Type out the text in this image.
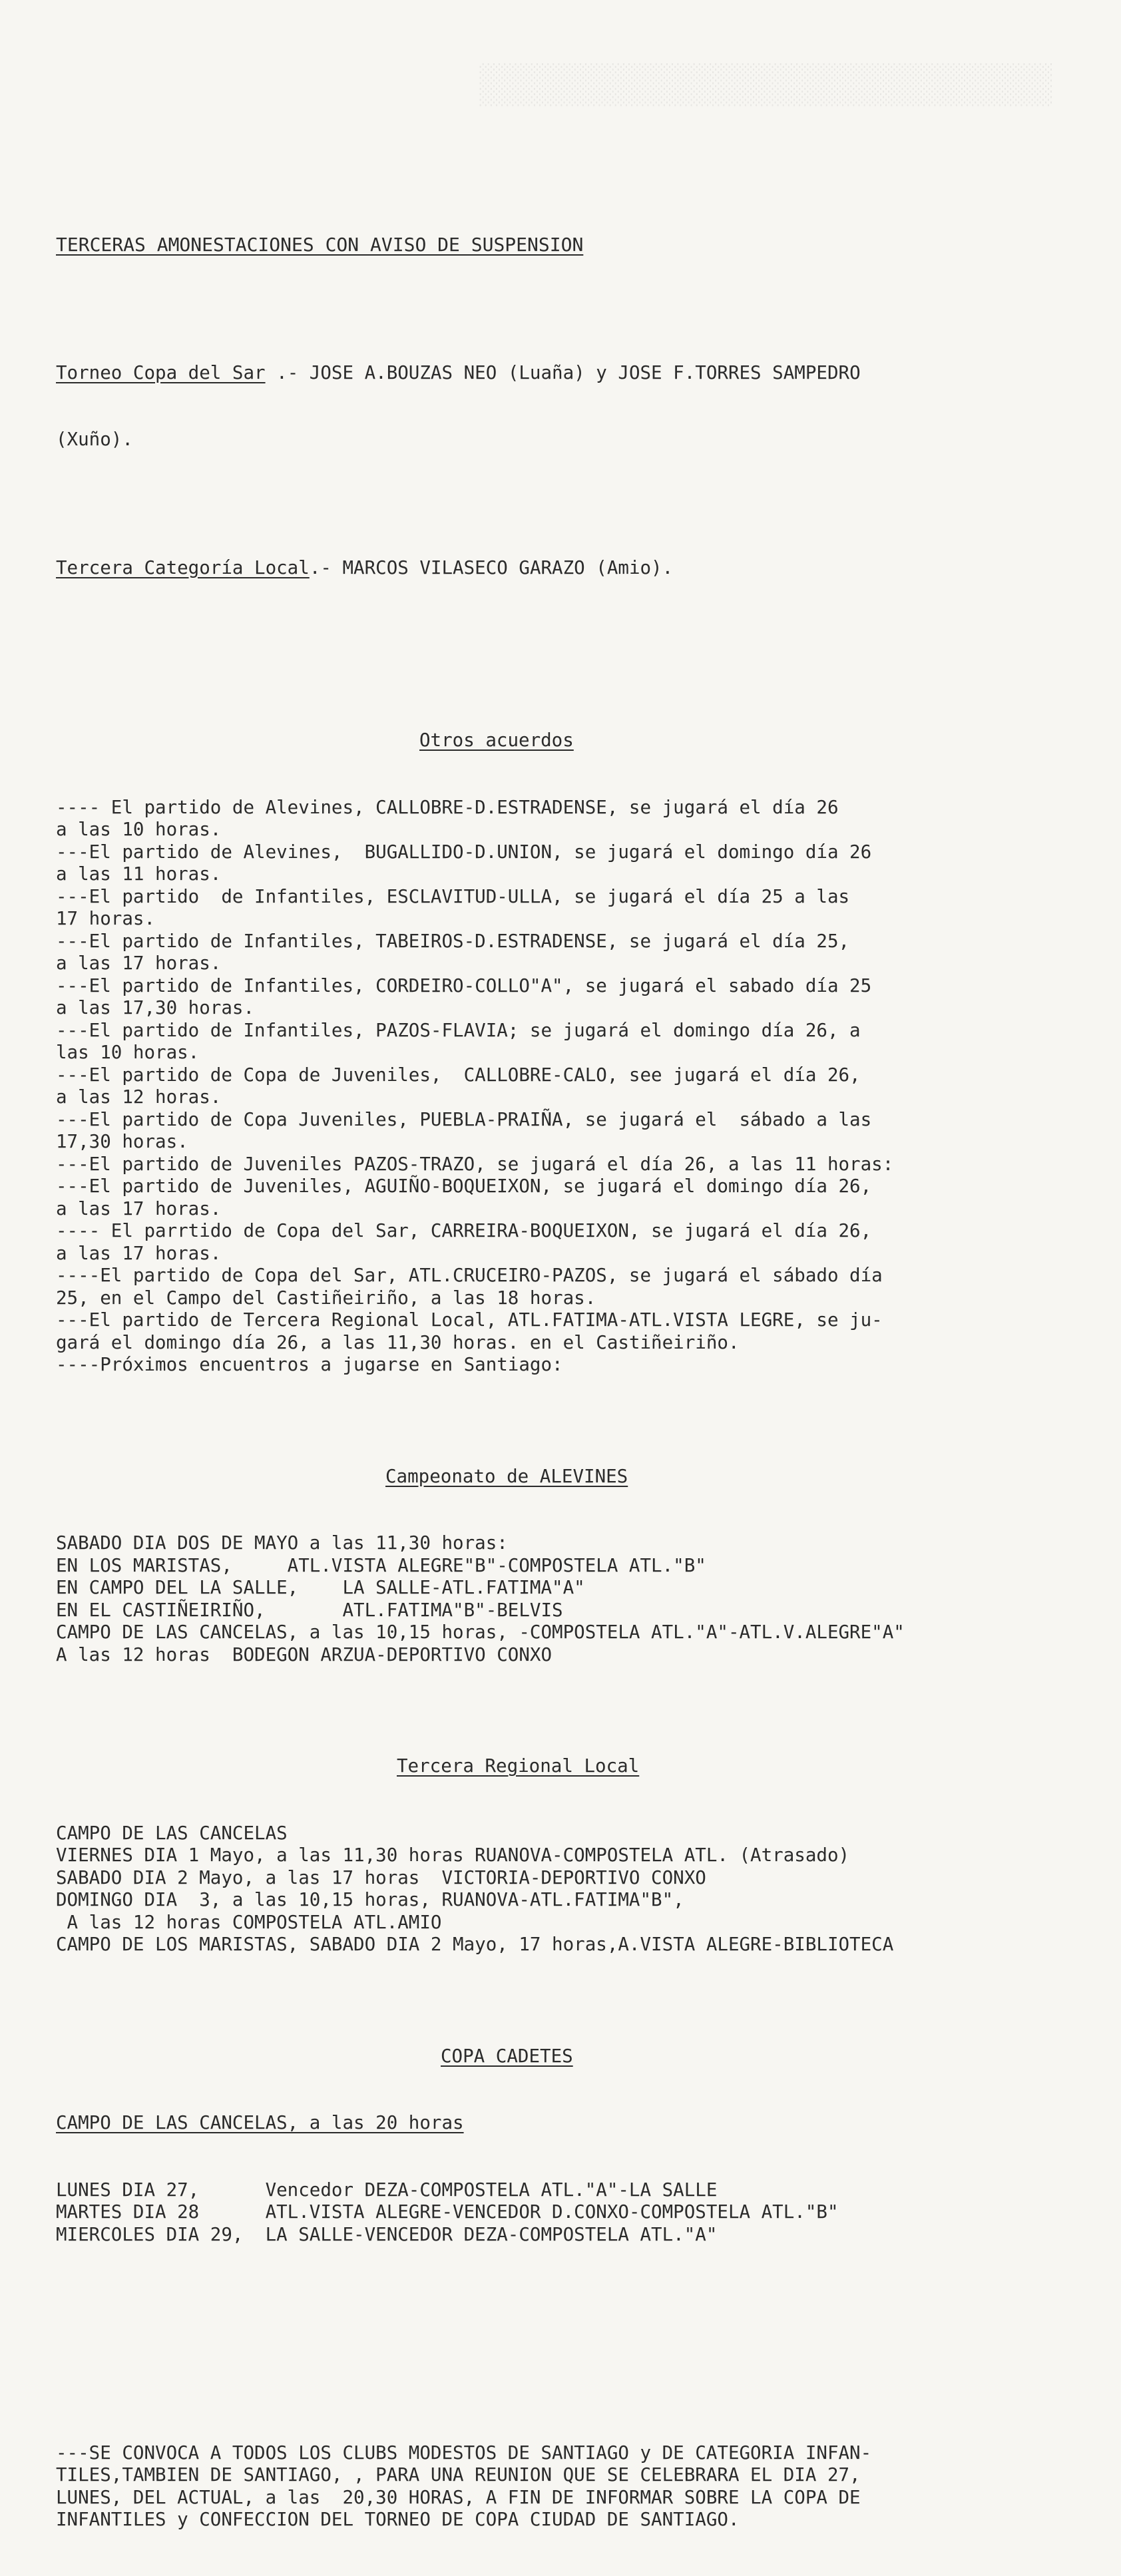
░░░░░░░░░░░░░░░░░░░░░░░░░░░░░░░░░░░░░░░░░░░░░░░░░░░░░
░░░░░░░░░░░░░░░░░░░░░░░░░░░░░░░░░░░░░░░░░░░░░░░░░░░░░

TERCERAS AMONESTACIONES CON AVISO DE SUSPENSION

Torneo Copa del Sar .- JOSE A.BOUZAS NEO (Luaña) y JOSE F.TORRES SAMPEDRO

(Xuño).

Tercera Categoría Local.- MARCOS VILASECO GARAZO (Amio).

Otros acuerdos

---- El partido de Alevines, CALLOBRE-D.ESTRADENSE, se jugará el día 26
a las 10 horas.
---El partido de Alevines,  BUGALLIDO-D.UNION, se jugará el domingo día 26
a las 11 horas.
---El partido  de Infantiles, ESCLAVITUD-ULLA, se jugará el día 25 a las
17 horas.
---El partido de Infantiles, TABEIROS-D.ESTRADENSE, se jugará el día 25,
a las 17 horas.
---El partido de Infantiles, CORDEIRO-COLLO"A", se jugará el sabado día 25
a las 17,30 horas.
---El partido de Infantiles, PAZOS-FLAVIA; se jugará el domingo día 26, a
las 10 horas.
---El partido de Copa de Juveniles,  CALLOBRE-CALO, see jugará el día 26,
a las 12 horas.
---El partido de Copa Juveniles, PUEBLA-PRAIÑA, se jugará el  sábado a las
17,30 horas.
---El partido de Juveniles PAZOS-TRAZO, se jugará el día 26, a las 11 horas:
---El partido de Juveniles, AGUIÑO-BOQUEIXON, se jugará el domingo día 26,
a las 17 horas.
---- El parrtido de Copa del Sar, CARREIRA-BOQUEIXON, se jugará el día 26,
a las 17 horas.
----El partido de Copa del Sar, ATL.CRUCEIRO-PAZOS, se jugará el sábado día
25, en el Campo del Castiñeiriño, a las 18 horas.
---El partido de Tercera Regional Local, ATL.FATIMA-ATL.VISTA LEGRE, se ju-
gará el domingo día 26, a las 11,30 horas. en el Castiñeiriño.
----Próximos encuentros a jugarse en Santiago:

Campeonato de ALEVINES

SABADO DIA DOS DE MAYO a las 11,30 horas:
EN LOS MARISTAS,     ATL.VISTA ALEGRE"B"-COMPOSTELA ATL."B"
EN CAMPO DEL LA SALLE,    LA SALLE-ATL.FATIMA"A"
EN EL CASTIÑEIRIÑO,       ATL.FATIMA"B"-BELVIS
CAMPO DE LAS CANCELAS, a las 10,15 horas, -COMPOSTELA ATL."A"-ATL.V.ALEGRE"A"
A las 12 horas  BODEGON ARZUA-DEPORTIVO CONXO

Tercera Regional Local

CAMPO DE LAS CANCELAS
VIERNES DIA 1 Mayo, a las 11,30 horas RUANOVA-COMPOSTELA ATL. (Atrasado)
SABADO DIA 2 Mayo, a las 17 horas  VICTORIA-DEPORTIVO CONXO
DOMINGO DIA  3, a las 10,15 horas, RUANOVA-ATL.FATIMA"B",
A las 12 horas COMPOSTELA ATL.AMIO
CAMPO DE LOS MARISTAS, SABADO DIA 2 Mayo, 17 horas,A.VISTA ALEGRE-BIBLIOTECA

COPA CADETES

CAMPO DE LAS CANCELAS, a las 20 horas

LUNES DIA 27,      Vencedor DEZA-COMPOSTELA ATL."A"-LA SALLE
MARTES DIA 28      ATL.VISTA ALEGRE-VENCEDOR D.CONXO-COMPOSTELA ATL."B"
MIERCOLES DIA 29,  LA SALLE-VENCEDOR DEZA-COMPOSTELA ATL."A"

---SE CONVOCA A TODOS LOS CLUBS MODESTOS DE SANTIAGO y DE CATEGORIA INFAN-
TILES,TAMBIEN DE SANTIAGO, , PARA UNA REUNION QUE SE CELEBRARA EL DIA 27,
LUNES, DEL ACTUAL, a las  20,30 HORAS, A FIN DE INFORMAR SOBRE LA COPA DE
INFANTILES y CONFECCION DEL TORNEO DE COPA CIUDAD DE SANTIAGO.
